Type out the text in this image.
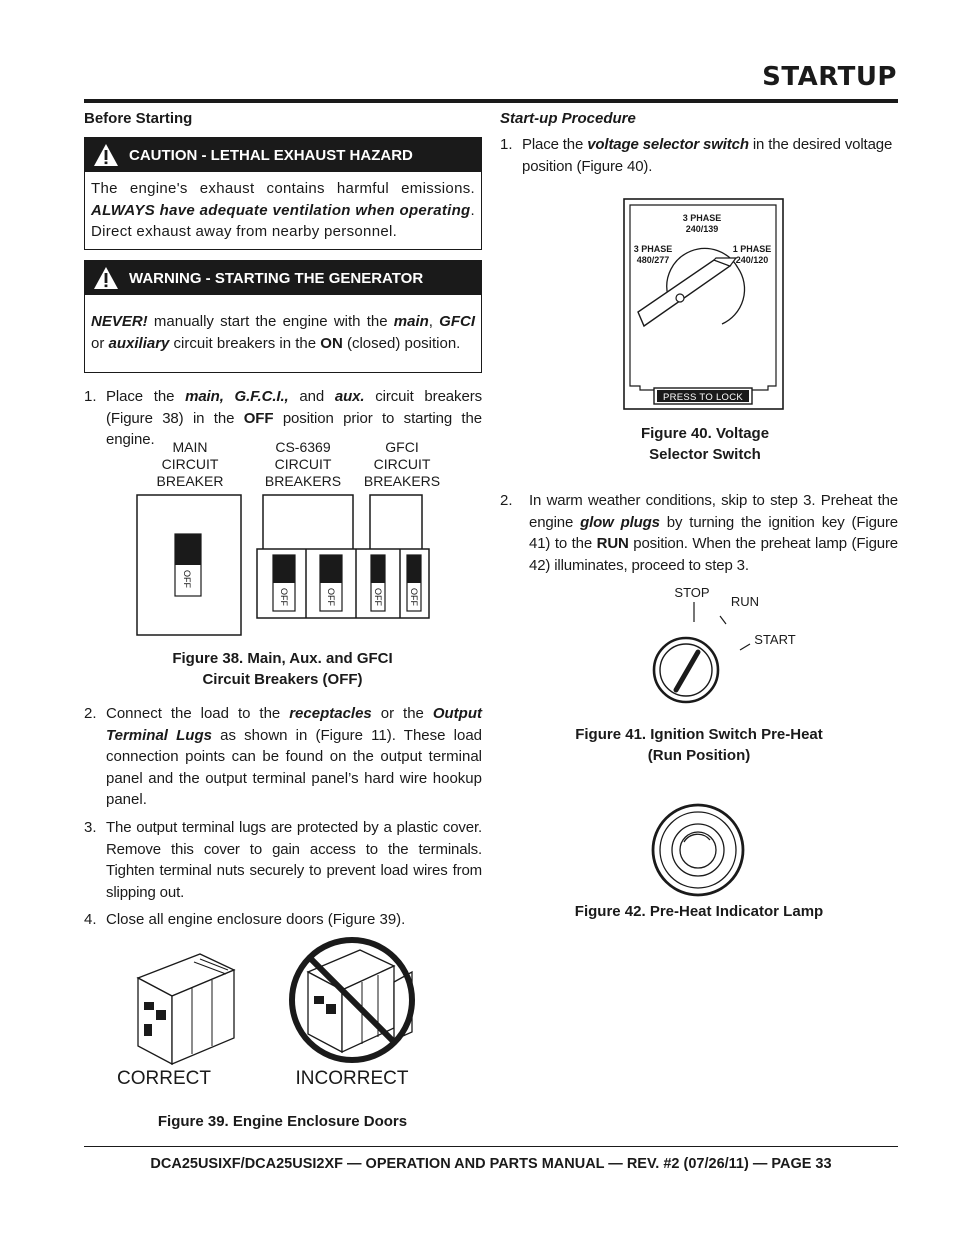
STARTUP
Before Starting
CAUTION - LETHAL EXHAUST HAZARD
The engine's exhaust contains harmful emissions. ALWAYS have adequate ventilation when operating. Direct exhaust away from nearby personnel.
WARNING - STARTING THE GENERATOR
NEVER! manually start the engine with the main, GFCI or auxiliary circuit breakers in the ON (closed) position.
1. Place the main, G.F.C.I., and aux. circuit breakers (Figure 38) in the OFF position prior to starting the engine.	MAIN
CIRCUIT
BREAKER
CS-6369
CIRCUIT
BREAKERS
GFCI
CIRCUIT
BREAKERS
OFF
OFF	OFF	OFF	OFF
Figure 38. Main, Aux. and GFCI
Circuit Breakers (OFF)
2. Connect the load to the receptacles or the Output Terminal Lugs as shown in (Figure 11). These load connection points can be found on the output terminal panel and the output terminal panel’s hard wire hookup panel.
3. The output terminal lugs are protected by a plastic cover. Remove this cover to gain access to the terminals. Tighten terminal nuts securely to prevent load wires from slipping out.
4. Close all engine enclosure doors (Figure 39).
CORRECT	INCORRECT
Figure 39. Engine Enclosure Doors
Start-up Procedure
1. Place the voltage selector switch in the desired voltage position (Figure 40).
3 PHASE
240/139
3 PHASE
480/277
1 PHASE
240/120
PRESS TO LOCK
Figure 40. Voltage
Selector Switch
2.	In warm weather conditions, skip to step 3. Preheat the engine glow plugs by turning the ignition key (Figure 41) to the RUN position. When the preheat lamp (Figure 42) illuminates, proceed to step 3.
STOP
RUN
START
Figure 41. Ignition Switch Pre-Heat
(Run Position)
Figure 42. Pre-Heat Indicator Lamp
DCA25USIXF/DCA25USI2XF — OPERATION AND PARTS MANUAL — REV. #2 (07/26/11) — PAGE 33
